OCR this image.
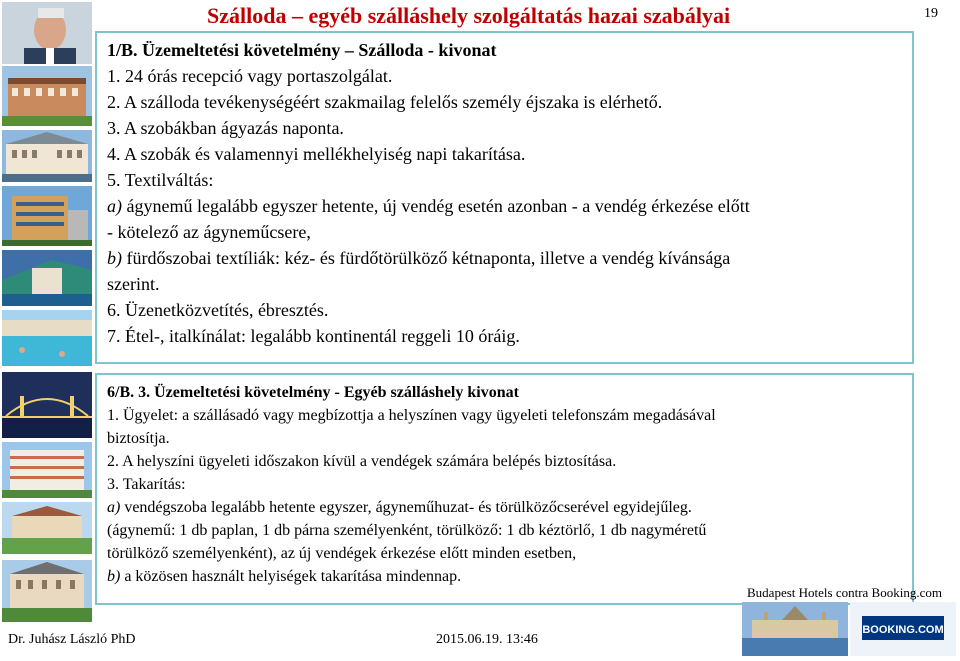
Szálloda – egyéb szálláshely szolgáltatás hazai szabályai	19
1/B. Üzemeltetési követelmény – Szálloda - kivonat
1. 24 órás recepció vagy portaszolgálat.
2. A szálloda tevékenységéért szakmailag felelős személy éjszaka is elérhető.
3. A szobákban ágyazás naponta.
4. A szobák és valamennyi mellékhelyiség napi takarítása.
5. Textilváltás:
a) ágynemű legalább egyszer hetente, új vendég esetén azonban - a vendég érkezése előtt
- kötelező az ágyneműcsere,
b) fürdőszobai textíliák: kéz- és fürdőtörülköző kétnaponta, illetve a vendég kívánsága
szerint.
6. Üzenetközvetítés, ébresztés.
7. Étel-, italkínálat: legalább kontinentál reggeli 10 óráig.
6/B. 3. Üzemeltetési követelmény - Egyéb szálláshely kivonat
1. Ügyelet: a szállásadó vagy megbízottja a helyszínen vagy ügyeleti telefonszám megadásával
biztosítja.
2. A helyszíni ügyeleti időszakon kívül a vendégek számára belépés biztosítása.
3. Takarítás:
a) vendégszoba legalább hetente egyszer, ágyneműhuzat- és törülközőcserével egyidejűleg.
(ágynemű: 1 db paplan, 1 db párna személyenként, törülköző: 1 db kéztörlő, 1 db nagyméretű
törülköző személyenként), az új vendégek érkezése előtt minden esetben,
b) a közösen használt helyiségek takarítása mindennap.
Budapest Hotels contra Booking.com
BOOKING.COM
Dr. Juhász László PhD	2015.06.19. 13:46
